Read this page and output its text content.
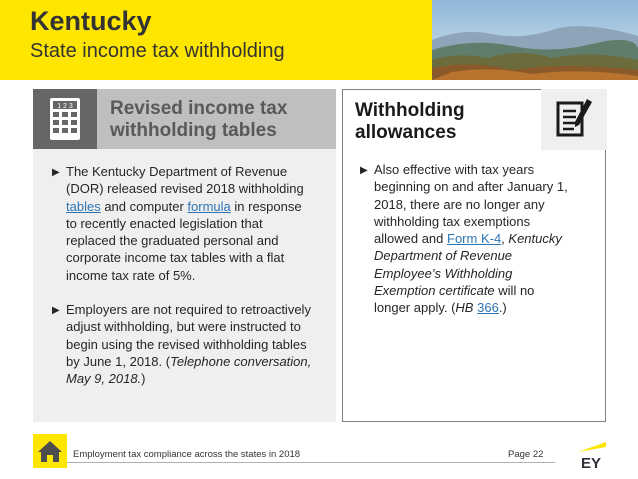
Kentucky
State income tax withholding
1 2 3 Revised income tax
withholding tables
▶ The Kentucky Department of Revenue
(DOR) released revised 2018 withholding
tables and computer formula in response
to recently enacted legislation that
replaced the graduated personal and
corporate income tax tables with a flat
income tax rate of 5%.
▶ Employers are not required to retroactively
adjust withholding, but were instructed to
begin using the revised withholding tables
by June 1, 2018. (Telephone conversation,
May 9, 2018.)
Withholding
allowances
▶ Also effective with tax years
beginning on and after January 1,
2018, there are no longer any
withholding tax exemptions
allowed and Form K-4, Kentucky
Department of Revenue
Employee’s Withholding
Exemption certificate will no
longer apply. (HB 366.)
Employment tax compliance across the states in 2018	Page 22
EY
